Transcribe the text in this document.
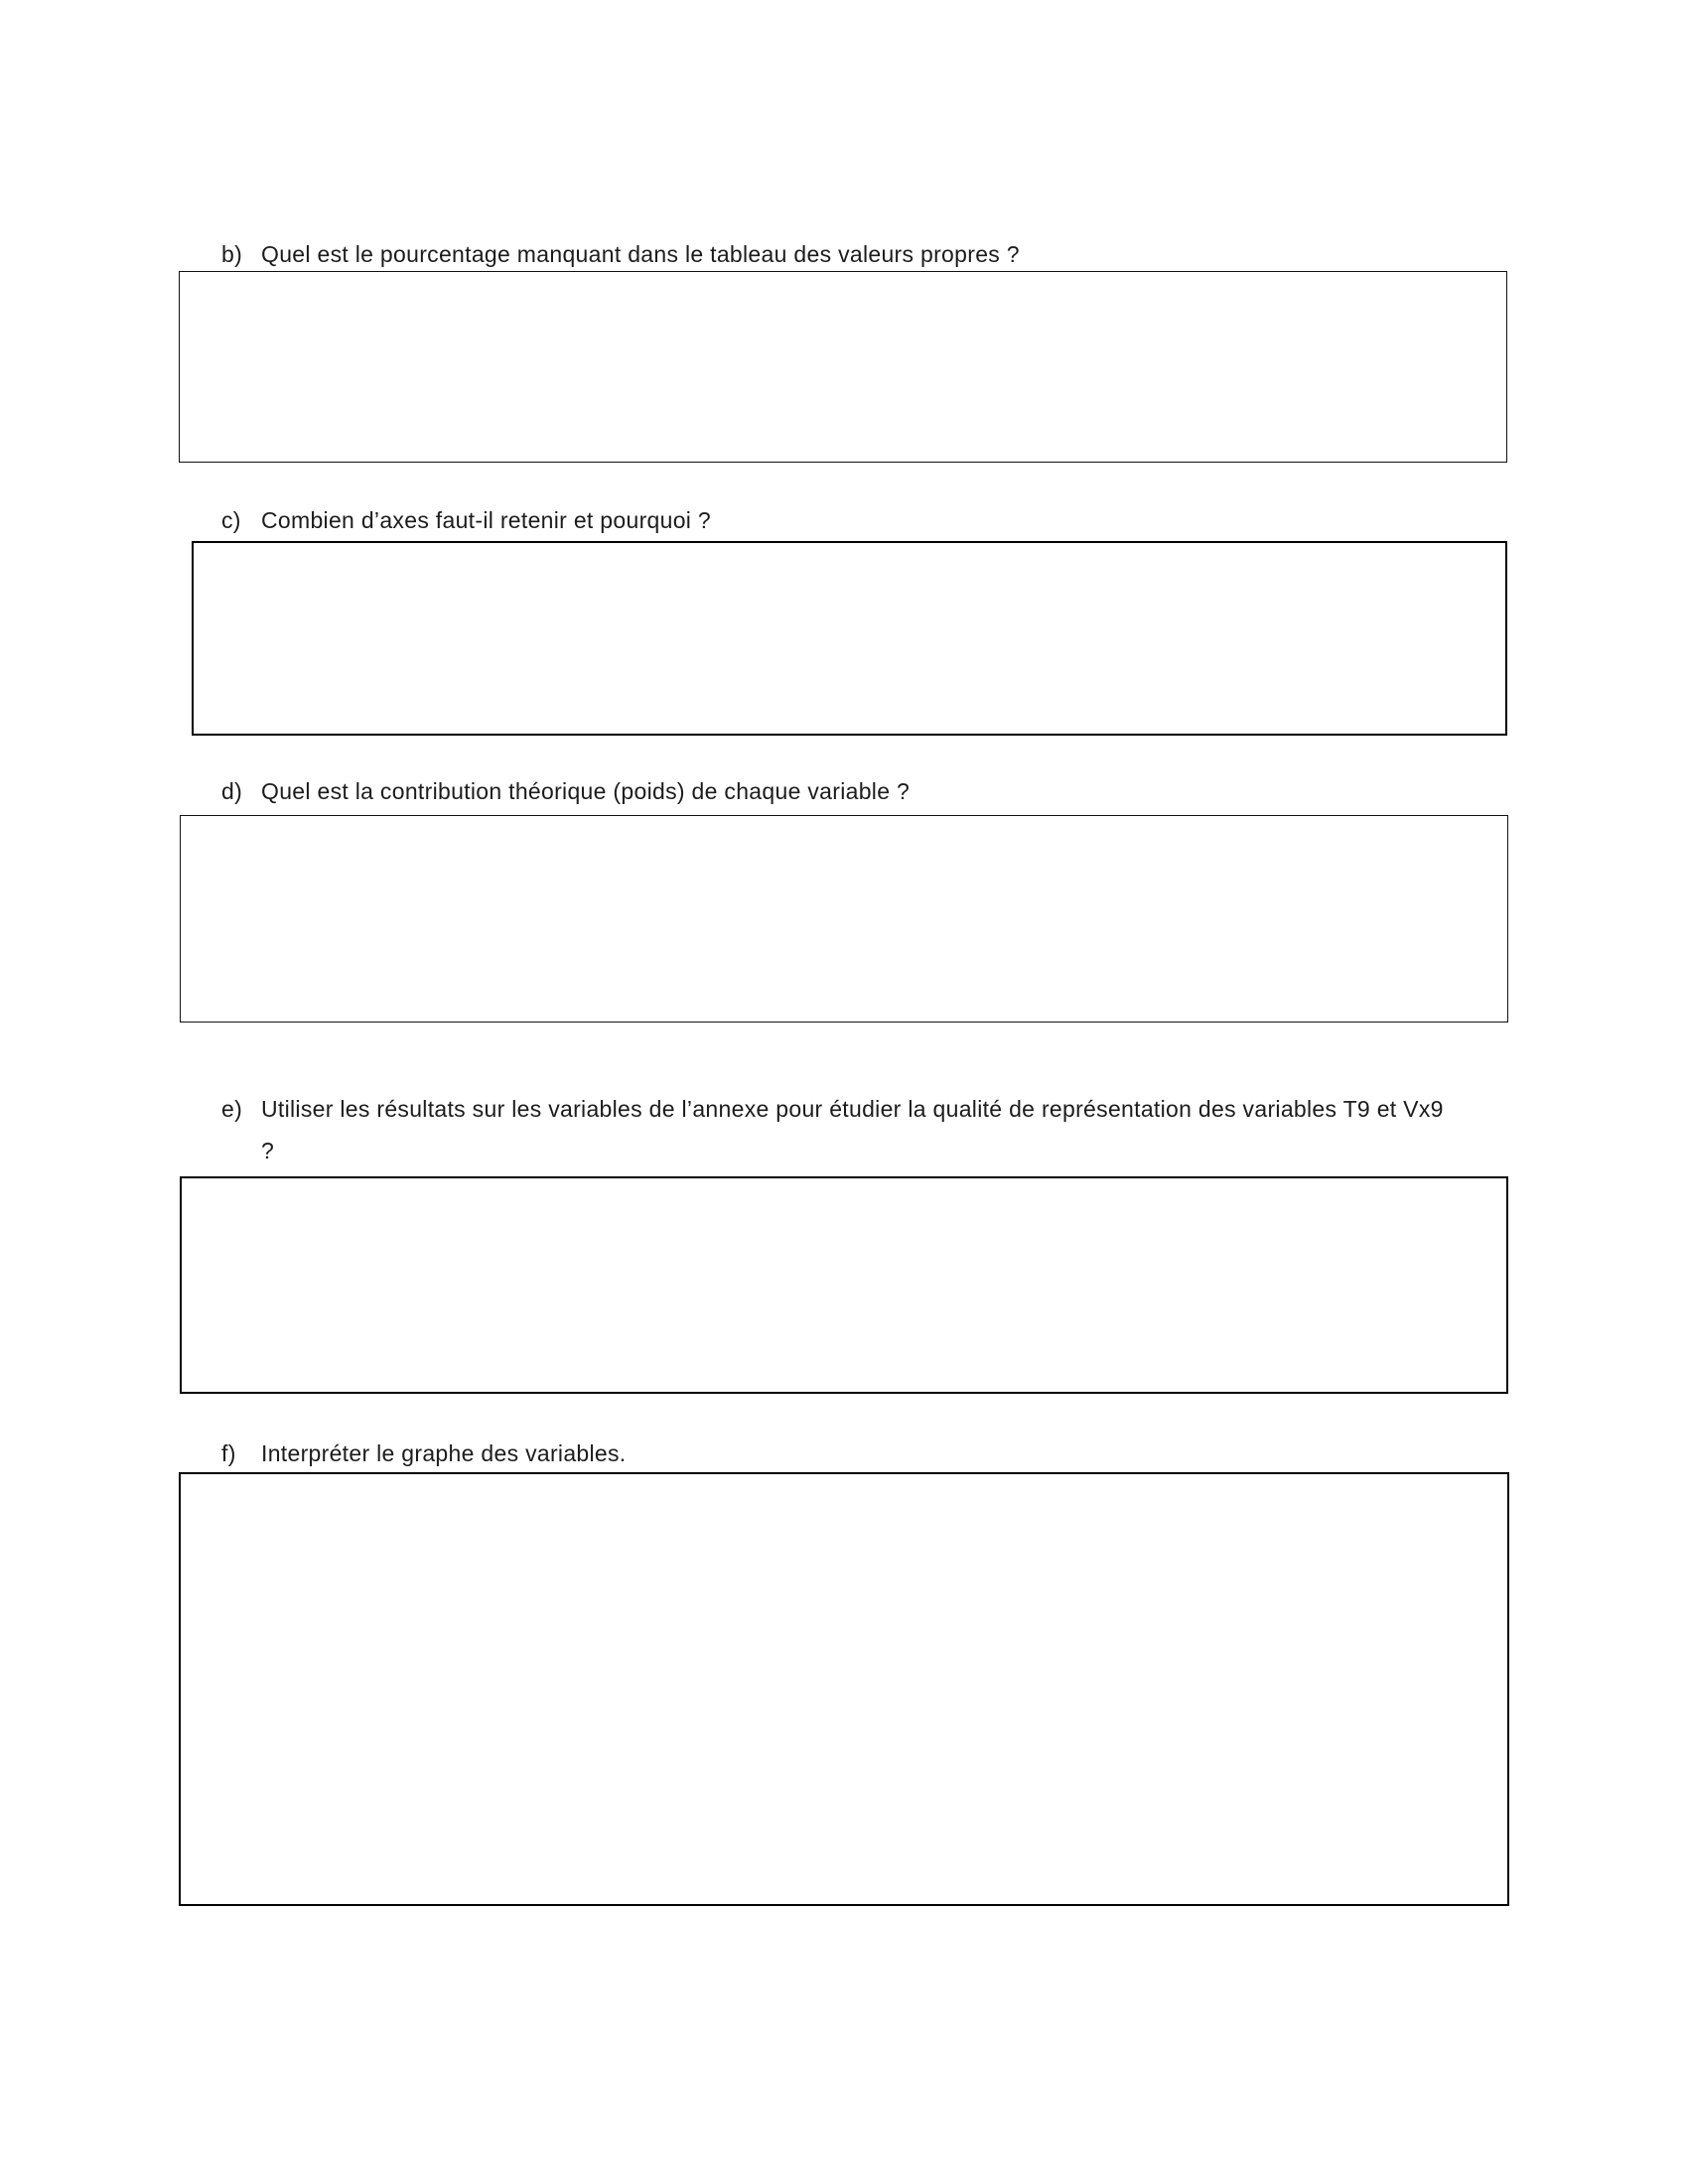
b) Quel est le pourcentage manquant dans le tableau des valeurs propres ?
c) Combien d’axes faut-il retenir et pourquoi ?
d) Quel est la contribution théorique (poids) de chaque variable ?
e) Utiliser les résultats sur les variables de l’annexe pour étudier la qualité de représentation des variables T9 et Vx9 ?
f) Interpréter le graphe des variables.
